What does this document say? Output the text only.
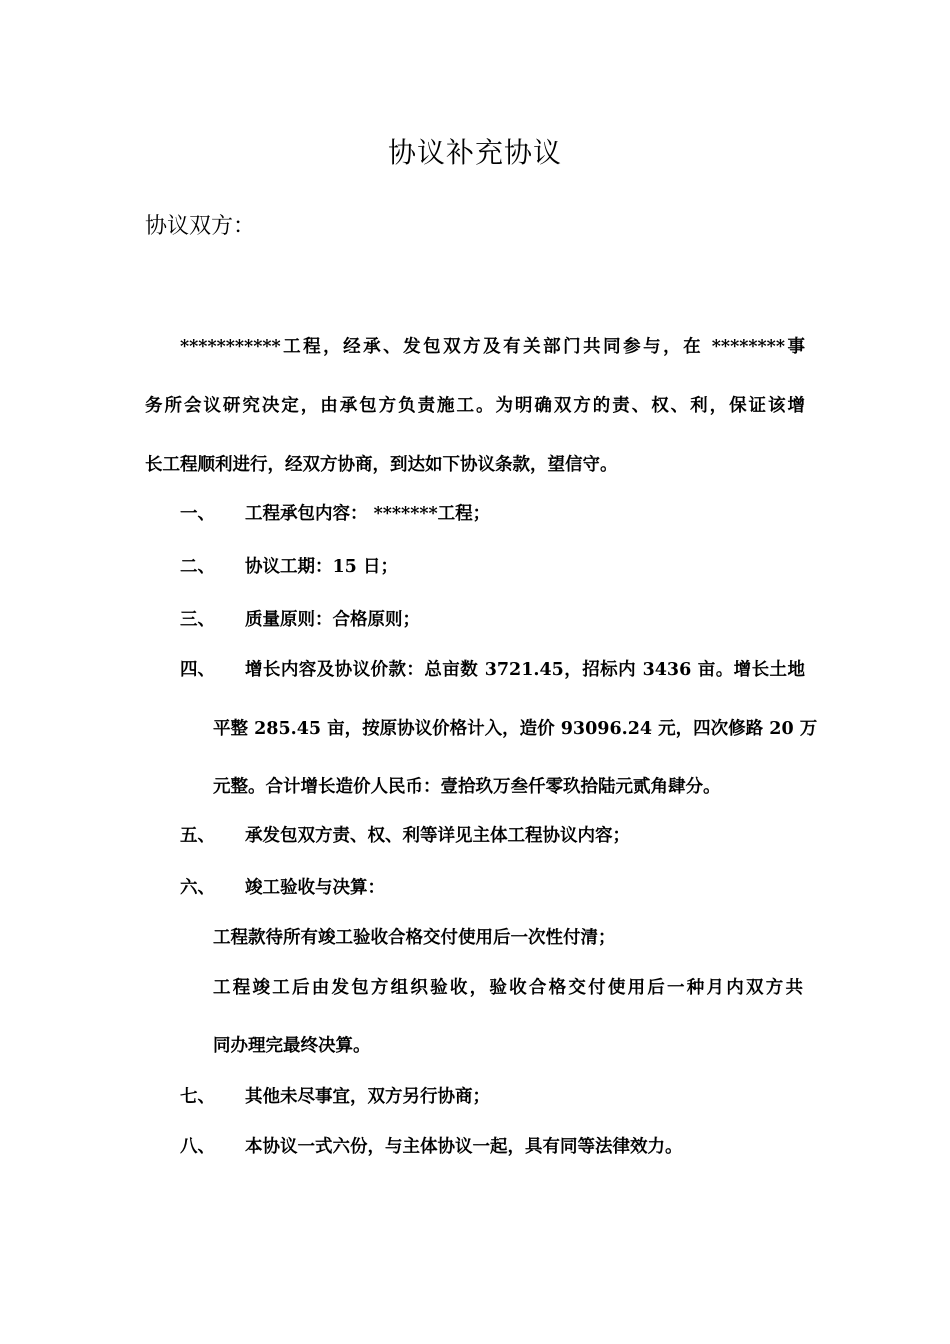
协议补充协议
协议双方：
***********工程，经承、发包双方及有关部门共同参与，在 ********事
务所会议研究决定，由承包方负责施工。为明确双方的责、权、利，保证该增
长工程顺利进行，经双方协商，到达如下协议条款，望信守。
一、 工程承包内容： *******工程；
二、 协议工期：15 日；
三、 质量原则：合格原则；
四、 增长内容及协议价款：总亩数 3721.45，招标内 3436 亩。增长土地
平整 285.45 亩，按原协议价格计入，造价 93096.24 元，四次修路 20 万
元整。合计增长造价人民币：壹拾玖万叁仟零玖拾陆元贰角肆分。
五、 承发包双方责、权、利等详见主体工程协议内容；
六、 竣工验收与决算：
工程款待所有竣工验收合格交付使用后一次性付清；
工程竣工后由发包方组织验收，验收合格交付使用后一种月内双方共
同办理完最终决算。
七、 其他未尽事宜，双方另行协商；
八、 本协议一式六份，与主体协议一起，具有同等法律效力。
